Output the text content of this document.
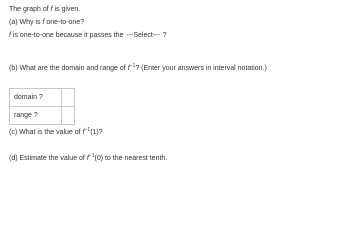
The graph of f is given.
(a) Why is f one-to-one?
f is one-to-one because it passes the ---Select--- ?
(b) What are the domain and range of $f^{-1}$? (Enter your answers in interval notation.)
domain ?	

range ?	
(c) What is the value of $f^{-1}(1)$?
(d) Estimate the value of $f^{-1}(0)$ to the nearest tenth.
